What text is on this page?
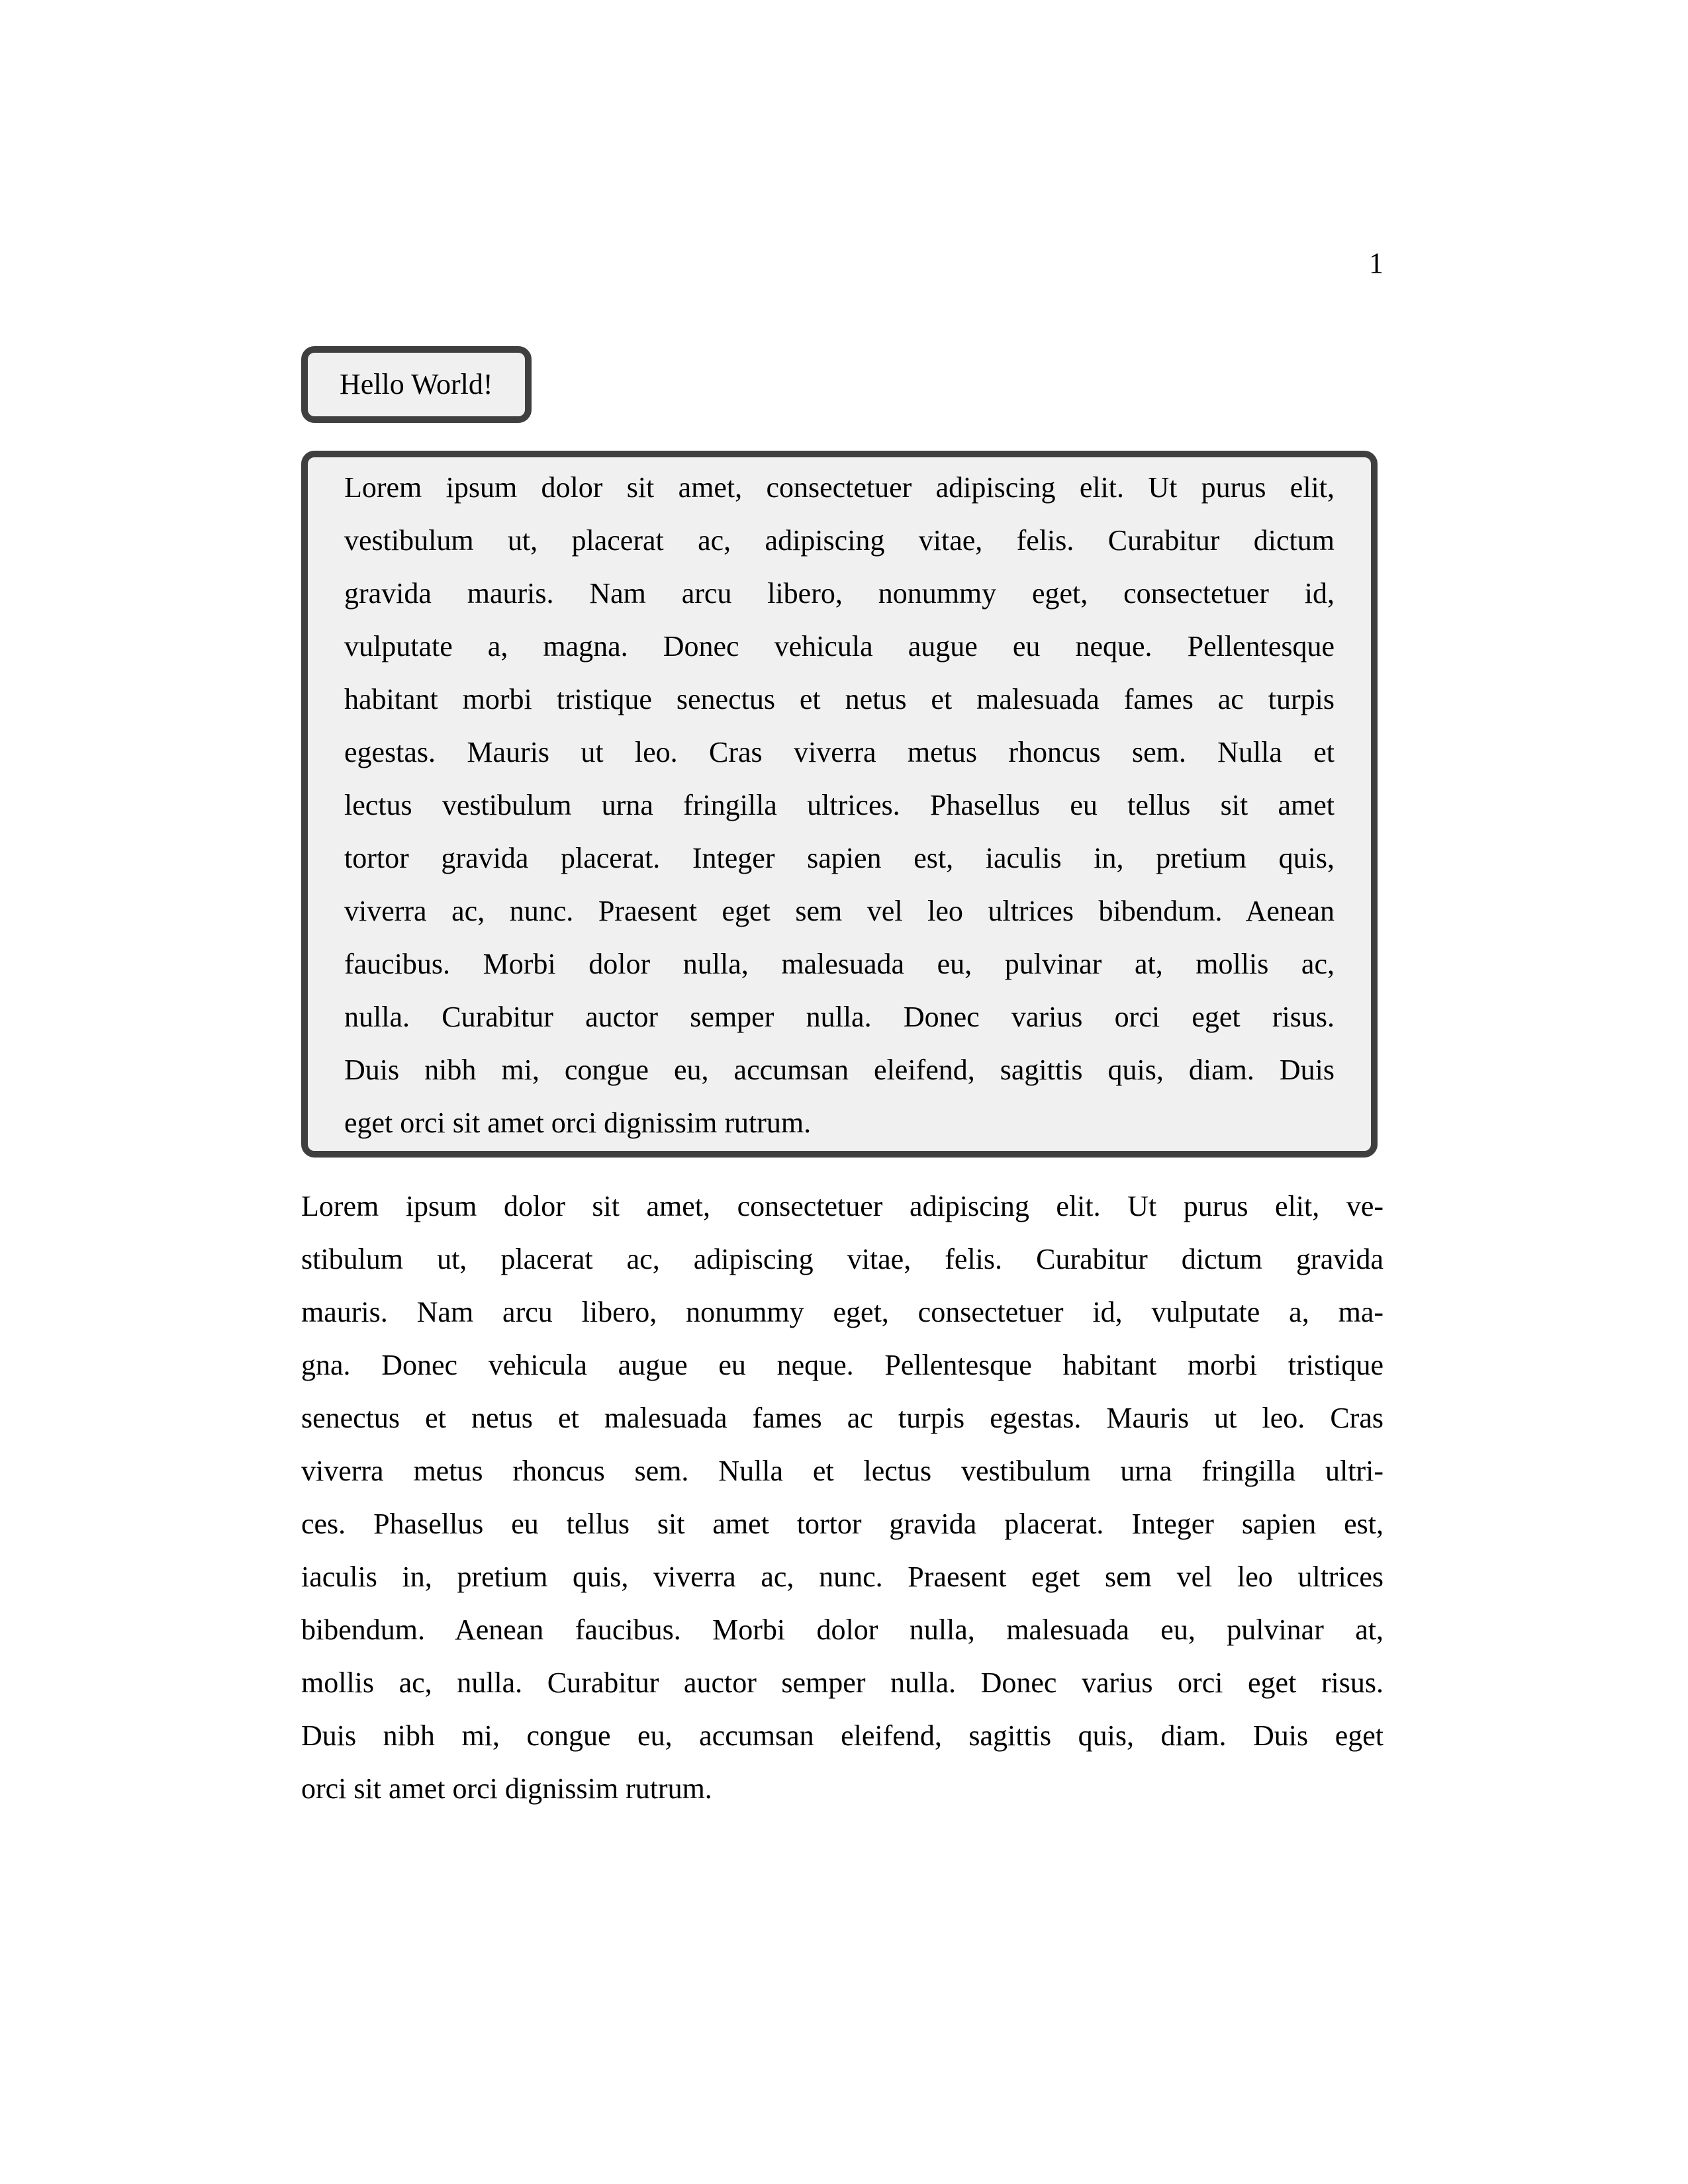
1
Hello World!
Lorem ipsum dolor sit amet, consectetuer adipiscing elit. Ut purus elit,
vestibulum ut, placerat ac, adipiscing vitae, felis. Curabitur dictum
gravida mauris. Nam arcu libero, nonummy eget, consectetuer id,
vulputate a, magna. Donec vehicula augue eu neque. Pellentesque
habitant morbi tristique senectus et netus et malesuada fames ac turpis
egestas. Mauris ut leo. Cras viverra metus rhoncus sem. Nulla et
lectus vestibulum urna fringilla ultrices. Phasellus eu tellus sit amet
tortor gravida placerat. Integer sapien est, iaculis in, pretium quis,
viverra ac, nunc. Praesent eget sem vel leo ultrices bibendum. Aenean
faucibus. Morbi dolor nulla, malesuada eu, pulvinar at, mollis ac,
nulla. Curabitur auctor semper nulla. Donec varius orci eget risus.
Duis nibh mi, congue eu, accumsan eleifend, sagittis quis, diam. Duis
eget orci sit amet orci dignissim rutrum.
Lorem ipsum dolor sit amet, consectetuer adipiscing elit. Ut purus elit, ve-
stibulum ut, placerat ac, adipiscing vitae, felis. Curabitur dictum gravida
mauris. Nam arcu libero, nonummy eget, consectetuer id, vulputate a, ma-
gna. Donec vehicula augue eu neque. Pellentesque habitant morbi tristique
senectus et netus et malesuada fames ac turpis egestas. Mauris ut leo. Cras
viverra metus rhoncus sem. Nulla et lectus vestibulum urna fringilla ultri-
ces. Phasellus eu tellus sit amet tortor gravida placerat. Integer sapien est,
iaculis in, pretium quis, viverra ac, nunc. Praesent eget sem vel leo ultrices
bibendum. Aenean faucibus. Morbi dolor nulla, malesuada eu, pulvinar at,
mollis ac, nulla. Curabitur auctor semper nulla. Donec varius orci eget risus.
Duis nibh mi, congue eu, accumsan eleifend, sagittis quis, diam. Duis eget
orci sit amet orci dignissim rutrum.
